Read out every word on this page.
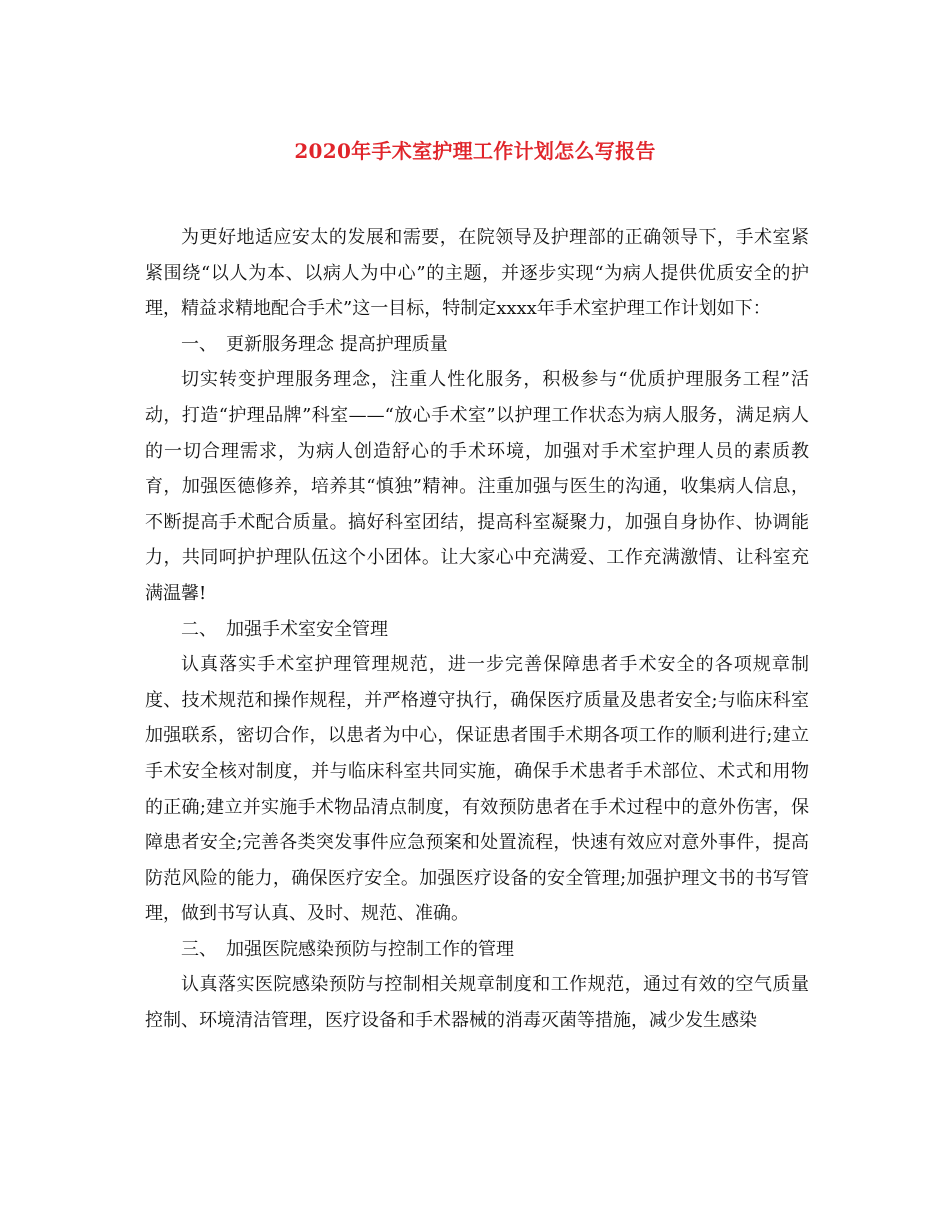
2020年手术室护理工作计划怎么写报告

为更好地适应安太的发展和需要，在院领导及护理部的正确领导下，手术室紧紧围绕“以人为本、以病人为中心”的主题，并逐步实现“为病人提供优质安全的护理，精益求精地配合手术”这一目标，特制定xxxx年手术室护理工作计划如下：

一、　更新服务理念 提高护理质量

切实转变护理服务理念，注重人性化服务，积极参与“优质护理服务工程”活动，打造“护理品牌”科室——“放心手术室”以护理工作状态为病人服务，满足病人的一切合理需求，为病人创造舒心的手术环境，加强对手术室护理人员的素质教育，加强医德修养，培养其“慎独”精神。注重加强与医生的沟通，收集病人信息，不断提高手术配合质量。搞好科室团结，提高科室凝聚力，加强自身协作、协调能力，共同呵护护理队伍这个小团体。让大家心中充满爱、工作充满激情、让科室充满温馨!

二、　加强手术室安全管理

认真落实手术室护理管理规范，进一步完善保障患者手术安全的各项规章制度、技术规范和操作规程，并严格遵守执行，确保医疗质量及患者安全;与临床科室加强联系，密切合作，以患者为中心，保证患者围手术期各项工作的顺利进行;建立手术安全核对制度，并与临床科室共同实施，确保手术患者手术部位、术式和用物的正确;建立并实施手术物品清点制度，有效预防患者在手术过程中的意外伤害，保障患者安全;完善各类突发事件应急预案和处置流程，快速有效应对意外事件，提高防范风险的能力，确保医疗安全。加强医疗设备的安全管理;加强护理文书的书写管理，做到书写认真、及时、规范、准确。

三、　加强医院感染预防与控制工作的管理

认真落实医院感染预防与控制相关规章制度和工作规范，通过有效的空气质量控制、环境清洁管理，医疗设备和手术器械的消毒灭菌等措施，减少发生感染
